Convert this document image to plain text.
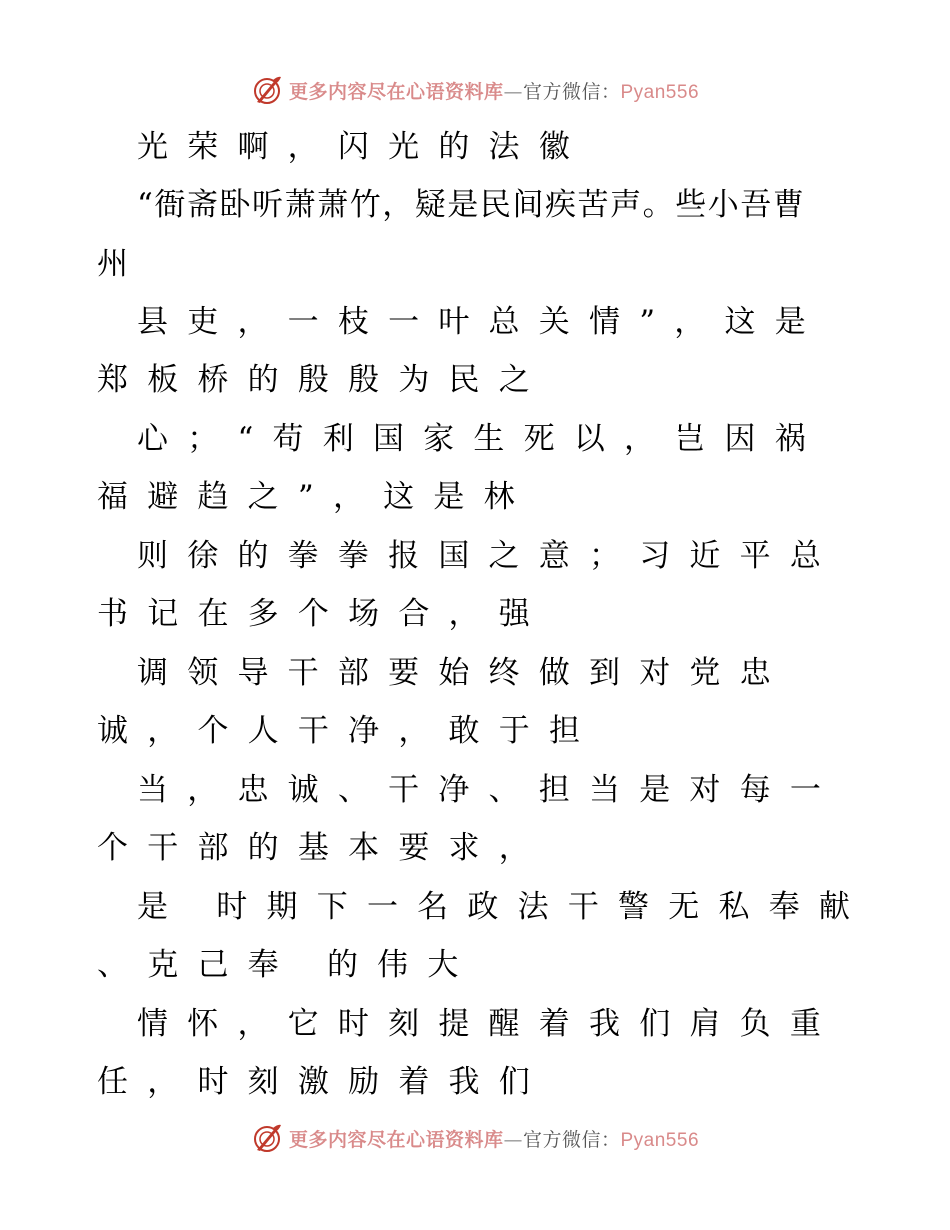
更多内容尽在心语资料库—官方微信：Pyan556
光荣啊，闪光的法徽
“衙斋卧听萧萧竹，疑是民间疾苦声。些小吾曹
州
县吏，一枝一叶总关情”，这是
郑板桥的殷殷为民之
心；“苟利国家生死以，岂因祸
福避趋之”，这是林
则徐的拳拳报国之意；习近平总
书记在多个场合，强
调领导干部要始终做到对党忠
诚，个人干净，敢于担
当，忠诚、干净、担当是对每一
个干部的基本要求，
是 时期下一名政法干警无私奉献
、克己奉 的伟大
情怀，它时刻提醒着我们肩负重
任，时刻激励着我们
更多内容尽在心语资料库—官方微信：Pyan556
